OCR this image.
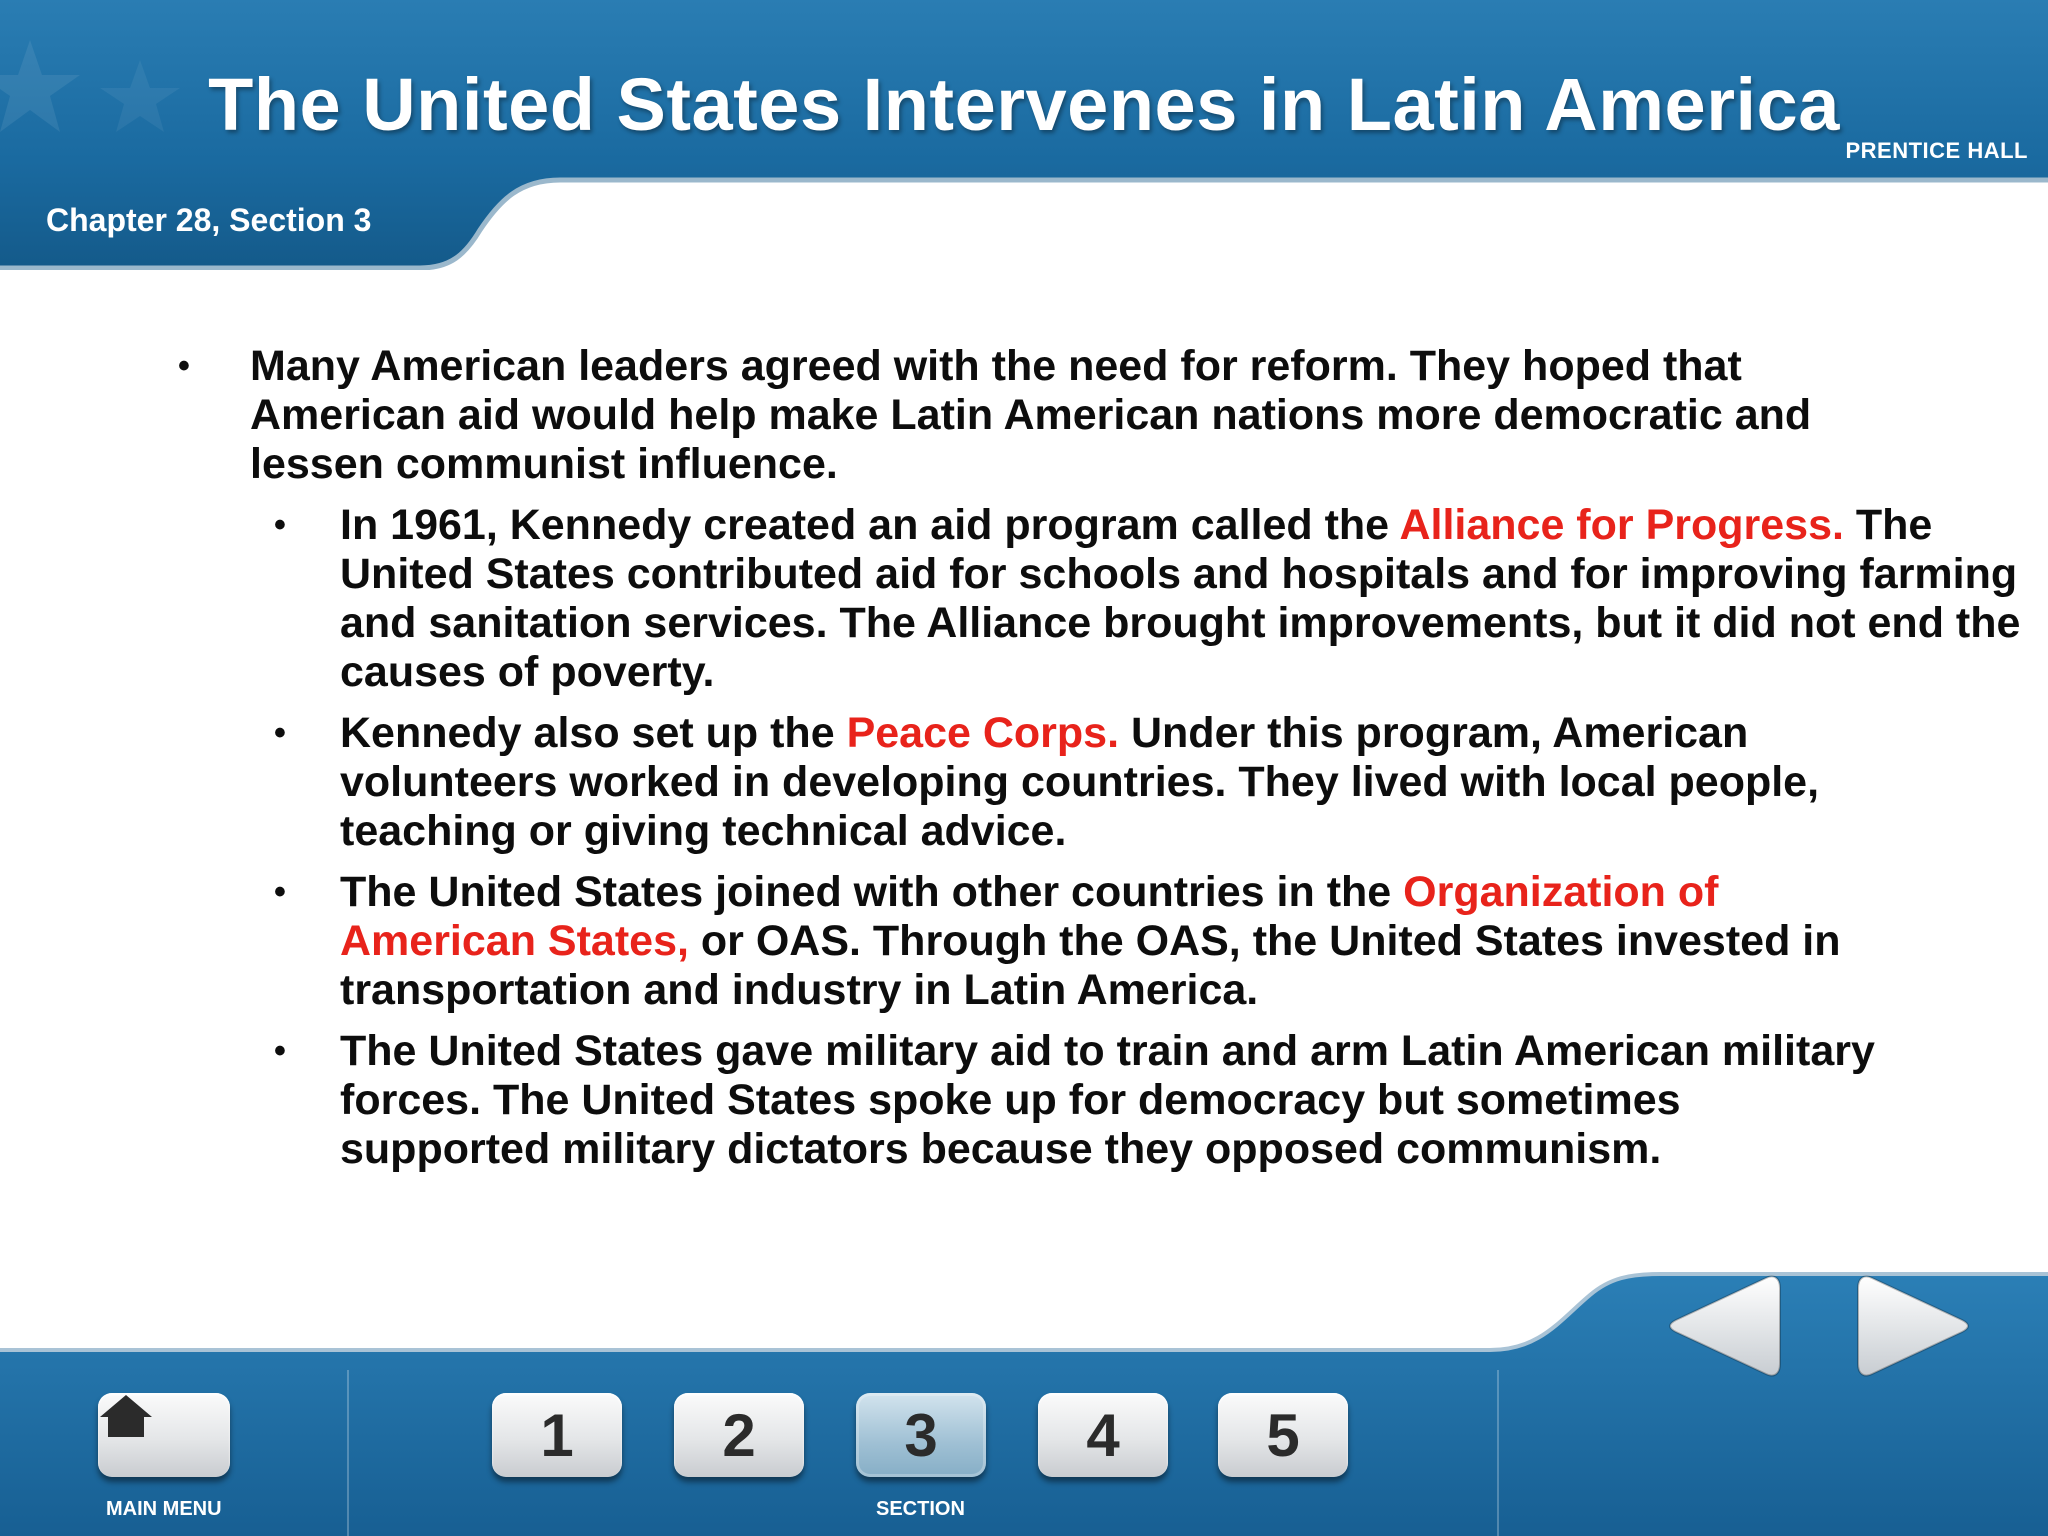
The United States Intervenes in Latin America
PRENTICE HALL
Chapter 28, Section 3
• Many American leaders agreed with the need for reform. They hoped that American aid would help make Latin American nations more democratic and lessen communist influence.
• In 1961, Kennedy created an aid program called the Alliance for Progress. The United States contributed aid for schools and hospitals and for improving farming and sanitation services. The Alliance brought improvements, but it did not end the causes of poverty.
• Kennedy also set up the Peace Corps. Under this program, American volunteers worked in developing countries. They lived with local people, teaching or giving technical advice.
• The United States joined with other countries in the Organization of American States, or OAS. Through the OAS, the United States invested in transportation and industry in Latin America.
• The United States gave military aid to train and arm Latin American military forces. The United States spoke up for democracy but sometimes supported military dictators because they opposed communism.
MAIN MENU
1	2	3	4	5
SECTION
